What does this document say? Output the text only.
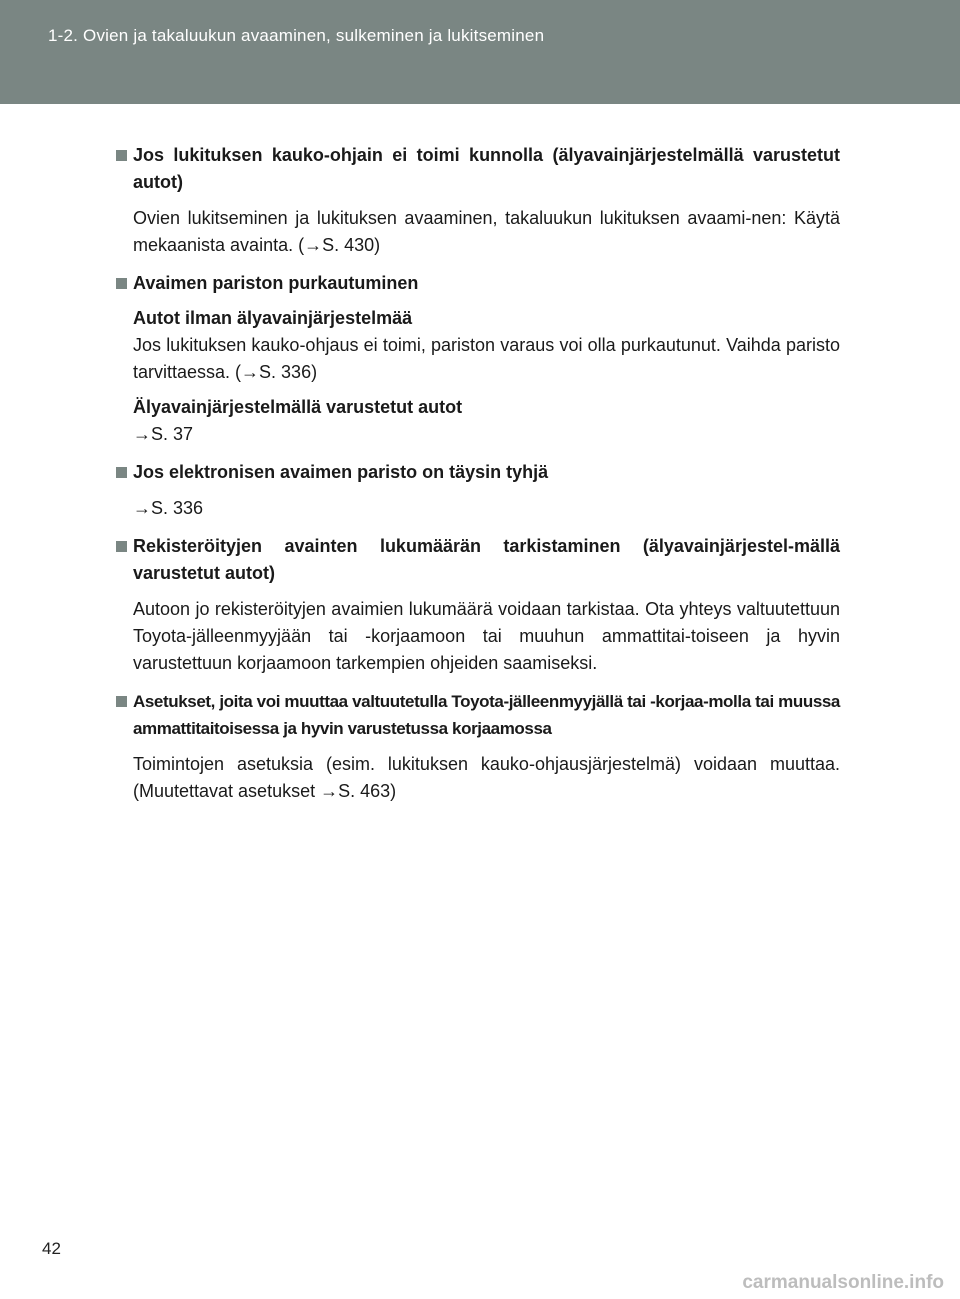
1-2. Ovien ja takaluukun avaaminen, sulkeminen ja lukitseminen
Jos lukituksen kauko-ohjain ei toimi kunnolla (älyavainjärjestelmällä varustetut autot)
Ovien lukitseminen ja lukituksen avaaminen, takaluukun lukituksen avaami-nen: Käytä mekaanista avainta. (→S. 430)
Avaimen pariston purkautuminen
Autot ilman älyavainjärjestelmää
Jos lukituksen kauko-ohjaus ei toimi, pariston varaus voi olla purkautunut. Vaihda paristo tarvittaessa. (→S. 336)
Älyavainjärjestelmällä varustetut autot
→S. 37
Jos elektronisen avaimen paristo on täysin tyhjä
→S. 336
Rekisteröityjen avainten lukumäärän tarkistaminen (älyavainjärjestel-mällä varustetut autot)
Autoon jo rekisteröityjen avaimien lukumäärä voidaan tarkistaa. Ota yhteys valtuutettuun Toyota-jälleenmyyjään tai -korjaamoon tai muuhun ammattitai-toiseen ja hyvin varustettuun korjaamoon tarkempien ohjeiden saamiseksi.
Asetukset, joita voi muuttaa valtuutetulla Toyota-jälleenmyyjällä tai -korjaa-molla tai muussa ammattitaitoisessa ja hyvin varustetussa korjaamossa
Toimintojen asetuksia (esim. lukituksen kauko-ohjausjärjestelmä) voidaan muuttaa. (Muutettavat asetukset →S. 463)
42
carmanualsonline.info
